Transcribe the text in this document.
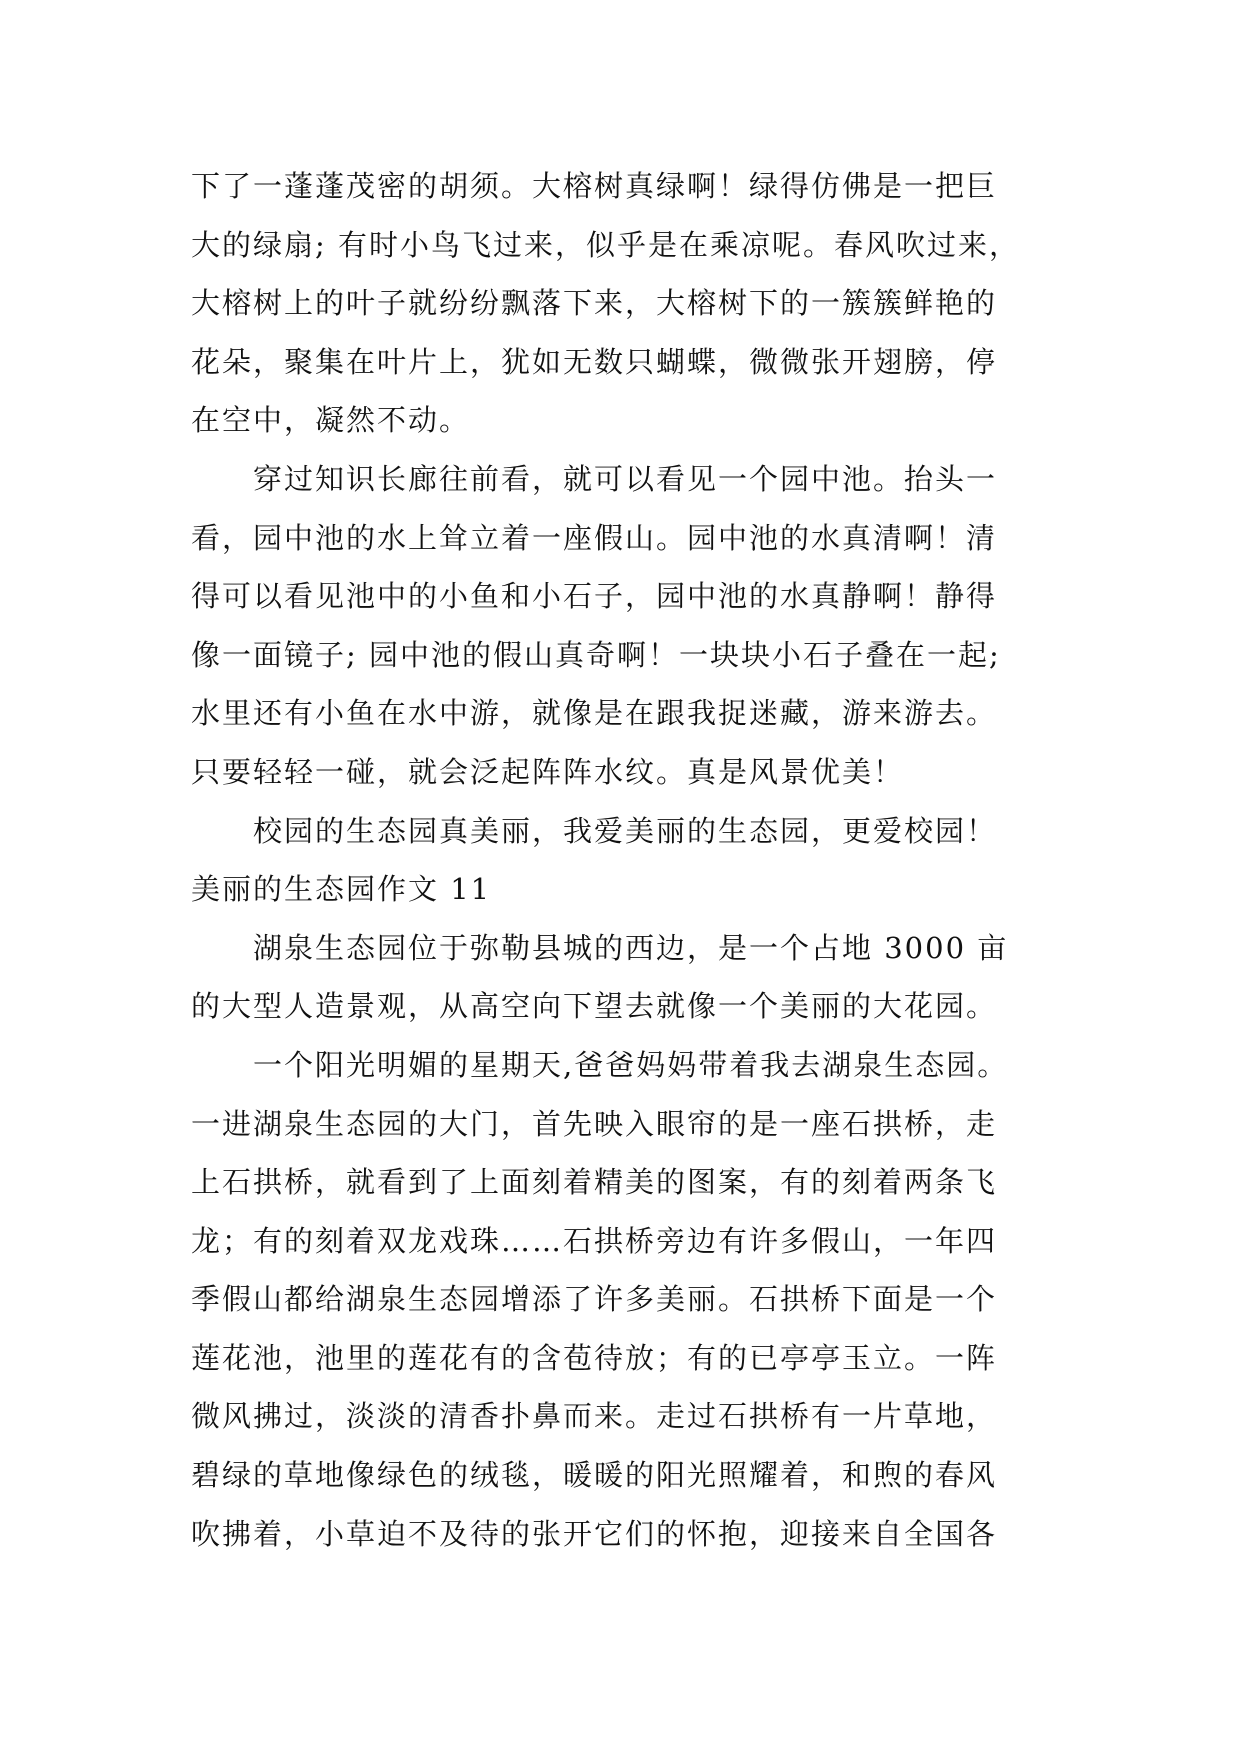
下了一蓬蓬茂密的胡须。大榕树真绿啊！绿得仿佛是一把巨
大的绿扇; 有时小鸟飞过来，似乎是在乘凉呢。春风吹过来，
大榕树上的叶子就纷纷飘落下来，大榕树下的一簇簇鲜艳的
花朵，聚集在叶片上，犹如无数只蝴蝶，微微张开翅膀，停
在空中，凝然不动。
穿过知识长廊往前看，就可以看见一个园中池。抬头一
看，园中池的水上耸立着一座假山。园中池的水真清啊！清
得可以看见池中的小鱼和小石子，园中池的水真静啊！静得
像一面镜子; 园中池的假山真奇啊！一块块小石子叠在一起;
水里还有小鱼在水中游，就像是在跟我捉迷藏，游来游去。
只要轻轻一碰，就会泛起阵阵水纹。真是风景优美！
校园的生态园真美丽，我爱美丽的生态园，更爱校园！
美丽的生态园作文 11
湖泉生态园位于弥勒县城的西边，是一个占地 3000 亩
的大型人造景观，从高空向下望去就像一个美丽的大花园。
一个阳光明媚的星期天,爸爸妈妈带着我去湖泉生态园。
一进湖泉生态园的大门，首先映入眼帘的是一座石拱桥，走
上石拱桥，就看到了上面刻着精美的图案，有的刻着两条飞
龙；有的刻着双龙戏珠……石拱桥旁边有许多假山，一年四
季假山都给湖泉生态园增添了许多美丽。石拱桥下面是一个
莲花池，池里的莲花有的含苞待放；有的已亭亭玉立。一阵
微风拂过，淡淡的清香扑鼻而来。走过石拱桥有一片草地，
碧绿的草地像绿色的绒毯，暖暖的阳光照耀着，和煦的春风
吹拂着，小草迫不及待的张开它们的怀抱，迎接来自全国各
